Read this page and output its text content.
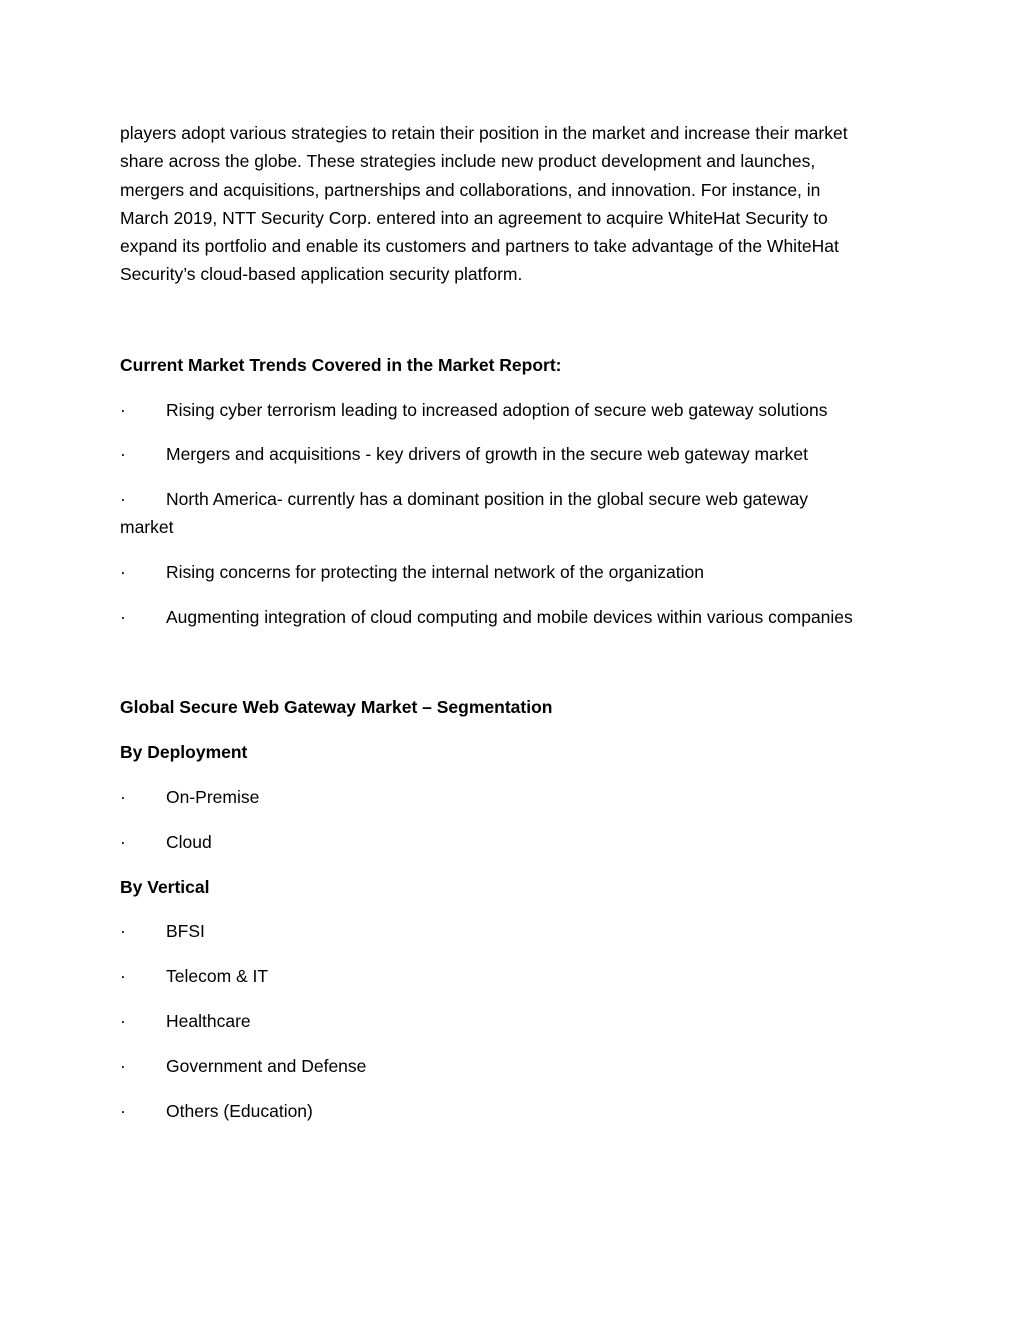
players adopt various strategies to retain their position in the market and increase their market
share across the globe. These strategies include new product development and launches,
mergers and acquisitions, partnerships and collaborations, and innovation. For instance, in
March 2019, NTT Security Corp. entered into an agreement to acquire WhiteHat Security to
expand its portfolio and enable its customers and partners to take advantage of the WhiteHat
Security’s cloud-based application security platform.

Current Market Trends Covered in the Market Report:

· Rising cyber terrorism leading to increased adoption of secure web gateway solutions

· Mergers and acquisitions - key drivers of growth in the secure web gateway market

· North America- currently has a dominant position in the global secure web gateway
market

· Rising concerns for protecting the internal network of the organization

· Augmenting integration of cloud computing and mobile devices within various companies

Global Secure Web Gateway Market – Segmentation

By Deployment

· On-Premise

· Cloud

By Vertical

· BFSI

· Telecom & IT

· Healthcare

· Government and Defense

· Others (Education)
